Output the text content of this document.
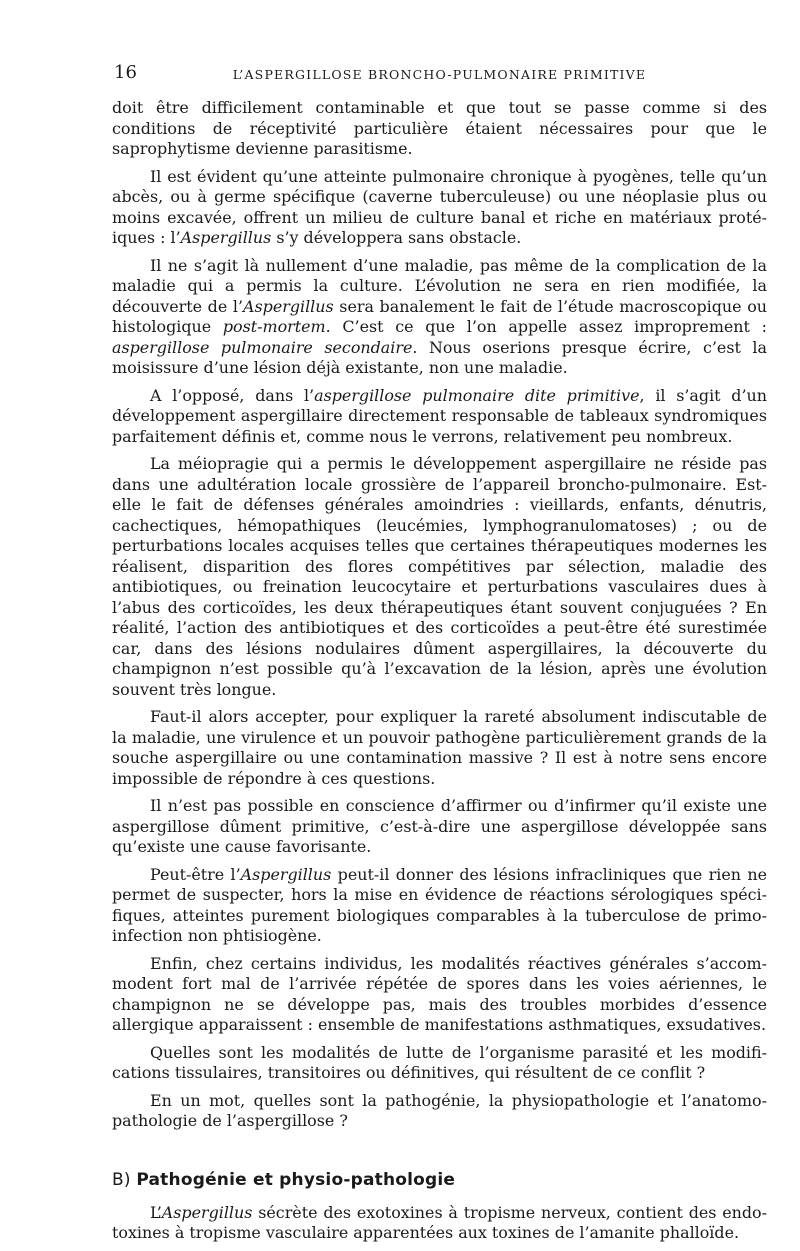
16	L’ASPERGILLOSE BRONCHO-PULMONAIRE PRIMITIVE

doit être difficilement contaminable et que tout se passe comme si des conditions de réceptivité particulière étaient nécessaires pour que le saprophytisme devienne parasitisme.

Il est évident qu’une atteinte pulmonaire chronique à pyogènes, telle qu’un abcès, ou à germe spécifique (caverne tuberculeuse) ou une néoplasie plus ou moins excavée, offrent un milieu de culture banal et riche en matériaux protéiques : l’Aspergillus s’y développera sans obstacle.

Il ne s’agit là nullement d’une maladie, pas même de la complication de la maladie qui a permis la culture. L’évolution ne sera en rien modifiée, la découverte de l’Aspergillus sera banalement le fait de l’étude macroscopique ou histologique post-mortem. C’est ce que l’on appelle assez improprement : aspergillose pulmonaire secondaire. Nous oserions presque écrire, c’est la moisissure d’une lésion déjà existante, non une maladie.

A l’opposé, dans l’aspergillose pulmonaire dite primitive, il s’agit d’un développement aspergillaire directement responsable de tableaux syndromiques parfaitement définis et, comme nous le verrons, relativement peu nombreux.

La méiopragie qui a permis le développement aspergillaire ne réside pas dans une adultération locale grossière de l’appareil broncho-pulmonaire. Est-elle le fait de défenses générales amoindries : vieillards, enfants, dénutris, cachectiques, hémopathiques (leucémies, lymphogranulomatoses) ; ou de perturbations locales acquises telles que certaines thérapeutiques modernes les réalisent, disparition des flores compétitives par sélection, maladie des antibiotiques, ou freination leucocytaire et perturbations vasculaires dues à l’abus des corticoïdes, les deux thérapeutiques étant souvent conjuguées ? En réalité, l’action des antibiotiques et des corticoïdes a peut-être été surestimée car, dans des lésions nodulaires dûment aspergillaires, la découverte du champignon n’est possible qu’à l’excavation de la lésion, après une évolution souvent très longue.

Faut-il alors accepter, pour expliquer la rareté absolument indiscutable de la maladie, une virulence et un pouvoir pathogène particulièrement grands de la souche aspergillaire ou une contamination massive ? Il est à notre sens encore impossible de répondre à ces questions.

Il n’est pas possible en conscience d’affirmer ou d’infirmer qu’il existe une aspergillose dûment primitive, c’est-à-dire une aspergillose développée sans qu’existe une cause favorisante.

Peut-être l’Aspergillus peut-il donner des lésions infracliniques que rien ne permet de suspecter, hors la mise en évidence de réactions sérologiques spécifiques, atteintes purement biologiques comparables à la tuberculose de primoinfection non phtisiogène.

Enfin, chez certains individus, les modalités réactives générales s’accommodent fort mal de l’arrivée répétée de spores dans les voies aériennes, le champignon ne se développe pas, mais des troubles morbides d’essence allergique apparaissent : ensemble de manifestations asthmatiques, exsudatives.

Quelles sont les modalités de lutte de l’organisme parasité et les modifications tissulaires, transitoires ou définitives, qui résultent de ce conflit ?

En un mot, quelles sont la pathogénie, la physiopathologie et l’anatomopathologie de l’aspergillose ?

B) Pathogénie et physio-pathologie

L’Aspergillus sécrète des exotoxines à tropisme nerveux, contient des endotoxines à tropisme vasculaire apparentées aux toxines de l’amanite phalloïde.
